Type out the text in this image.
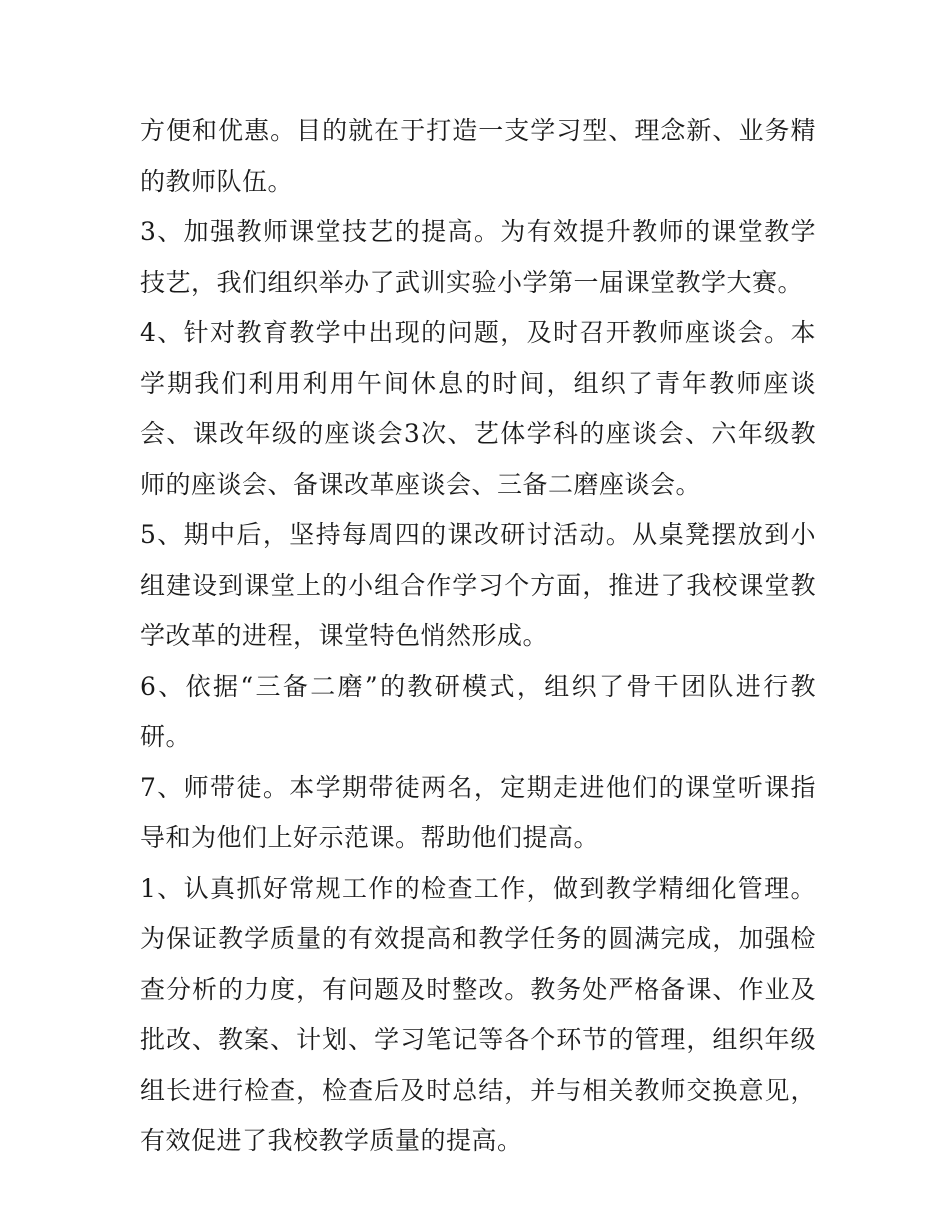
方便和优惠。目的就在于打造一支学习型、理念新、业务精的教师队伍。

3、加强教师课堂技艺的提高。为有效提升教师的课堂教学技艺，我们组织举办了武训实验小学第一届课堂教学大赛。

4、针对教育教学中出现的问题，及时召开教师座谈会。本学期我们利用利用午间休息的时间，组织了青年教师座谈会、课改年级的座谈会3次、艺体学科的座谈会、六年级教师的座谈会、备课改革座谈会、三备二磨座谈会。

5、期中后，坚持每周四的课改研讨活动。从桌凳摆放到小组建设到课堂上的小组合作学习个方面，推进了我校课堂教学改革的进程，课堂特色悄然形成。

6、依据“三备二磨”的教研模式，组织了骨干团队进行教研。

7、师带徒。本学期带徒两名，定期走进他们的课堂听课指导和为他们上好示范课。帮助他们提高。

1、认真抓好常规工作的检查工作，做到教学精细化管理。为保证教学质量的有效提高和教学任务的圆满完成，加强检查分析的力度，有问题及时整改。教务处严格备课、作业及批改、教案、计划、学习笔记等各个环节的管理，组织年级组长进行检查，检查后及时总结，并与相关教师交换意见，有效促进了我校教学质量的提高。
